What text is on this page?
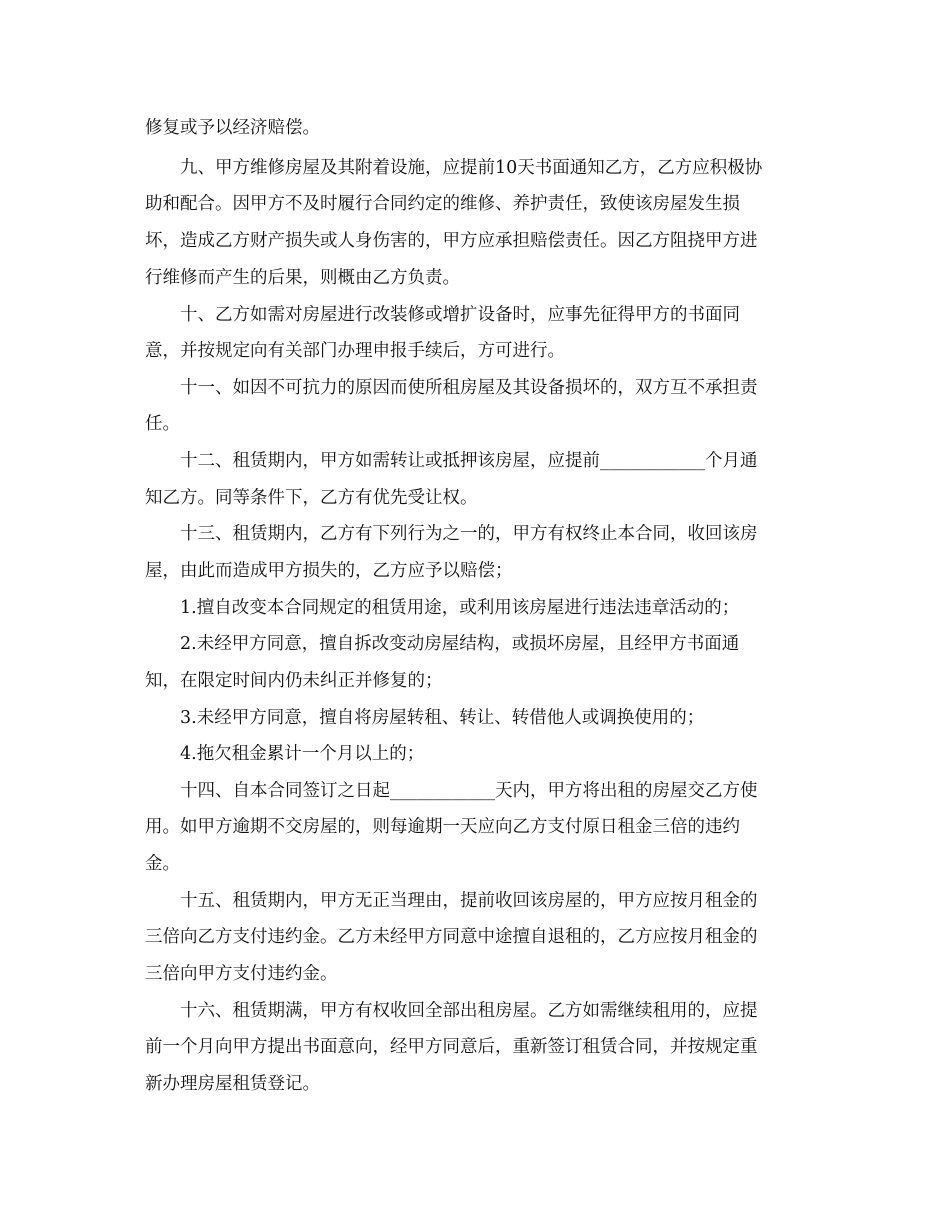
修复或予以经济赔偿。
九、甲方维修房屋及其附着设施，应提前10天书面通知乙方，乙方应积极协
助和配合。因甲方不及时履行合同约定的维修、养护责任，致使该房屋发生损
坏，造成乙方财产损失或人身伤害的，甲方应承担赔偿责任。因乙方阻挠甲方进
行维修而产生的后果，则概由乙方负责。
十、乙方如需对房屋进行改装修或增扩设备时，应事先征得甲方的书面同
意，并按规定向有关部门办理申报手续后，方可进行。
十一、如因不可抗力的原因而使所租房屋及其设备损坏的，双方互不承担责
任。
十二、租赁期内，甲方如需转让或抵押该房屋，应提前____________个月通
知乙方。同等条件下，乙方有优先受让权。
十三、租赁期内，乙方有下列行为之一的，甲方有权终止本合同，收回该房
屋，由此而造成甲方损失的，乙方应予以赔偿；
1.擅自改变本合同规定的租赁用途，或利用该房屋进行违法违章活动的；
2.未经甲方同意，擅自拆改变动房屋结构，或损坏房屋，且经甲方书面通
知，在限定时间内仍未纠正并修复的；
3.未经甲方同意，擅自将房屋转租、转让、转借他人或调换使用的；
4.拖欠租金累计一个月以上的；
十四、自本合同签订之日起____________天内，甲方将出租的房屋交乙方使
用。如甲方逾期不交房屋的，则每逾期一天应向乙方支付原日租金三倍的违约
金。
十五、租赁期内，甲方无正当理由，提前收回该房屋的，甲方应按月租金的
三倍向乙方支付违约金。乙方未经甲方同意中途擅自退租的，乙方应按月租金的
三倍向甲方支付违约金。
十六、租赁期满，甲方有权收回全部出租房屋。乙方如需继续租用的，应提
前一个月向甲方提出书面意向，经甲方同意后，重新签订租赁合同，并按规定重
新办理房屋租赁登记。
